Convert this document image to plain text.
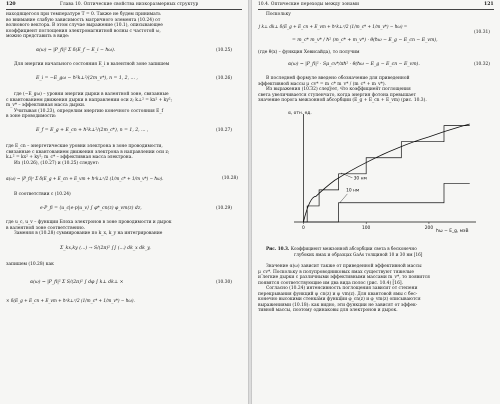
120	Глава 10. Оптические свойства низкоразмерных структур
находящегося при температуре T = 0. Также не будем принимать
во внимание слабую зависимость матричного элемента (10.24) от
волнового вектора. В этом случае выражение (10.1), описывающее
коэффициент поглощения электромагнитной волны с частотой ω,
можно представить в виде:
α(ω) ~ |P_fi|² Σ δ(E_f − E_i − ħω).	(10.25)
Для энергии начального состояния E_i в валентной зоне запишем
E_i = −E_gω − ħ²k⊥²/(2m_v*), n = 1, 2, ... ,	(10.26)
где (−E_gω) – уровни энергии дырки в валентной зоне, связанные
с квантованием движения дырки в направлении оси z; k⊥² = kx² + ky²;
m_v* – эффективная масса дырки.
Учитывая (10.23), определим энергию конечного состояния E_f
в зоне проводимости:
E_f = E_g + E_cn + ħ²k⊥²/(2m_c*), n = 1, 2, ... ,	(10.27)
где E_cn – энергетические уровни электрона в зоне проводимости,
связанные с квантованием движения электрона в направлении оси z;
k⊥² = kx² + ky²; m_c* – эффективная масса электрона.
Из (10.26), (10.27) и (10.25) следует:
α(ω) ~ |P_fi|² Σ δ(E_g + E_cn + E_vm + ħ²k⊥²/2 (1/m_c* + 1/m_v*) − ħω).	(10.28)
В соответствии с (10.24)
e·P_fi = ⟨u_c|e·p|u_v⟩ ∫ φ*_cn(z) φ_vm(z) dz,	(10.29)
где u_c, u_v – функции Блоха электронов в зоне проводимости и дырок
в валентной зоне соответственно.
Заменяя в (10.28) суммирование по k_x, k_y на интегрирование
Σ_kx,ky (...) → S/(2π)² ∫∫ (...) dk_x dk_y,
запишем (10.28) как
α(ω) ~ |P_fi|² Σ S/(2π)² ∫ dφ ∫ k⊥ dk⊥ ×	(10.30)
× δ(E_g + E_cn + E_vm + ħ²k⊥²/2 (1/m_c* + 1/m_v*) − ħω).
10.4. Оптические переходы между зонами	121
Поскольку
∫ k⊥ dk⊥ δ(E_g + E_cn + E_vm + ħ²k⊥²/2 (1/m_c* + 1/m_v*) − ħω) =
(10.31)
= m_c* m_v* / ħ² (m_c* + m_v*) · θ(ħω − E_g − E_cn − E_vm),
(где θ(x) – функция Хевисайда), то получим
α(ω) ~ |P_fi|² · Sμ_cv*/πħ² · θ(ħω − E_g − E_cn − E_vm).	(10.32)
В последней формуле введено обозначение для приведенной
эффективной массы μ_cv* = m_c* m_v* / (m_c* + m_v*).
Из выражения (10.32) следует, что коэффициент поглощения
света увеличивается ступенчато, когда энергия фотона превышает
значение порога межзонной абсорбции (E_g + E_cn + E_vm) (рис. 10.3).
0	100	200
30 нм
10 нм
α, отн. ед.
ħω − E_g, мэВ
Рис. 10.3. Коэффициент межзонной абсорбции света в бесконечно
глубоких ямах и образцах GaAs толщиной 10 и 30 нм [16]
Значение α(ω) зависит также от приведенной эффективной массы
μ_cv*. Поскольку в полупроводниковых ямах существуют тяжелые
и легкие дырки с различными эффективными массами m_v*, то появится
появятся соответствующие им два вида полос (рис. 10.4) [16].
Согласно (10.24) интенсивность поглощения зависит от степени
перекрывания функций φ_cn(z) и φ_vm(z). Для квантовой ямы с бес-
конечно высокими стенками функции φ_cn(z) и φ_vm(z) описываются
выражениями (10.18): как видно, эти функции не зависят от эффек-
тивной массы, поэтому одинаковы для электронов и дырок.
